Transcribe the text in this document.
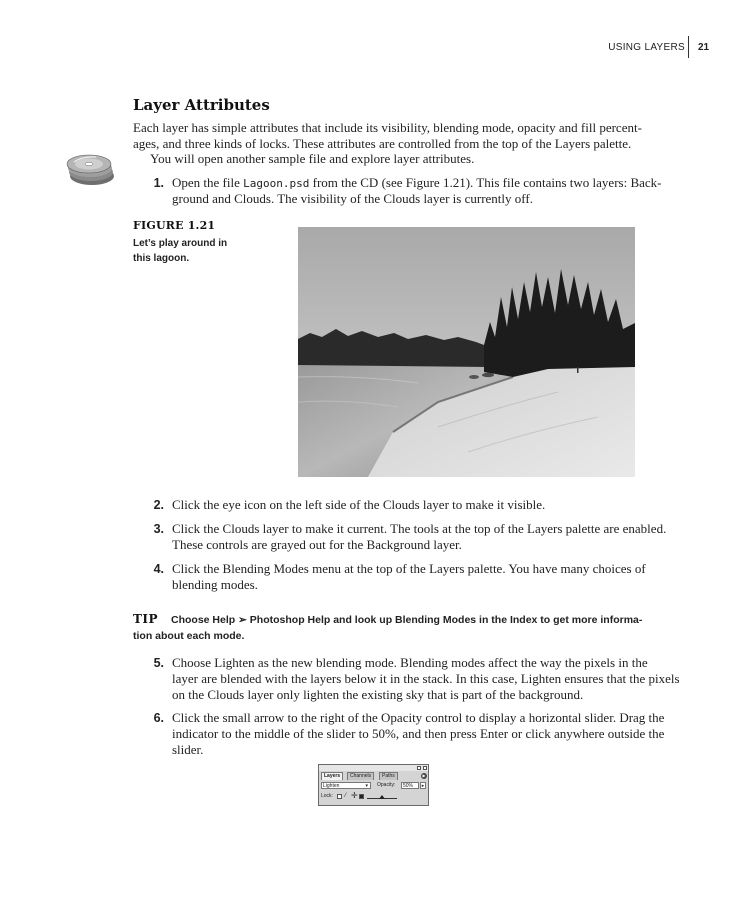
USING LAYERS 21
Layer Attributes
Each layer has simple attributes that include its visibility, blending mode, opacity and fill percent-
ages, and three kinds of locks. These attributes are controlled from the top of the Layers palette.
You will open another sample file and explore layer attributes.
1. Open the file Lagoon.psd from the CD (see Figure 1.21). This file contains two layers: Back-
ground and Clouds. The visibility of the Clouds layer is currently off.
FIGURE 1.21
Let’s play around in
this lagoon.
2. Click the eye icon on the left side of the Clouds layer to make it visible.
3. Click the Clouds layer to make it current. The tools at the top of the Layers palette are enabled.
These controls are grayed out for the Background layer.
4. Click the Blending Modes menu at the top of the Layers palette. You have many choices of
blending modes.
TIP Choose Help ➢ Photoshop Help and look up Blending Modes in the Index to get more informa-
tion about each mode.
5. Choose Lighten as the new blending mode. Blending modes affect the way the pixels in the
layer are blended with the layers below it in the stack. In this case, Lighten ensures that the pixels
on the Clouds layer only lighten the existing sky that is part of the background.
6. Click the small arrow to the right of the Opacity control to display a horizontal slider. Drag the
indicator to the middle of the slider to 50%, and then press Enter or click anywhere outside the
slider.
Layers	Channels	Paths	▶
Lighten	▾ Opacity:	50%	▸
Lock: ⁄ ✛
